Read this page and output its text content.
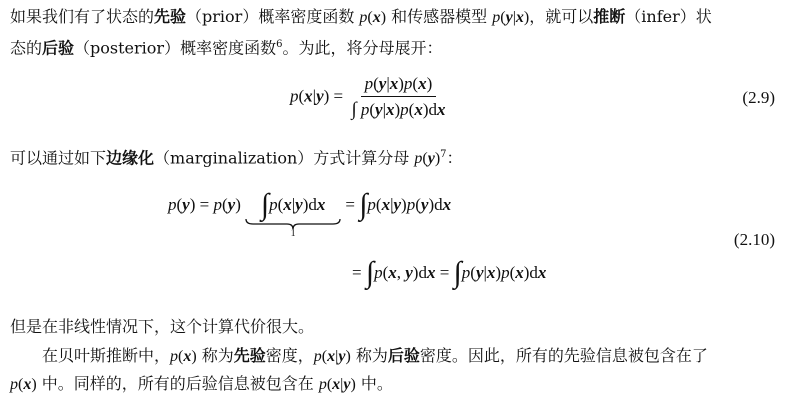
如果我们有了状态的先验（prior）概率密度函数 p(x) 和传感器模型 p(y|x)，就可以推断（infer）状
态的后验（posterior）概率密度函数$^6$。为此，将分母展开：
$p(x|y) = \frac{p(y|x)p(x)}{\int p(y|x)p(x)dx}$	(2.9)
可以通过如下边缘化（marginalization）方式计算分母 $p(y)^7$：
p(y) = p(y) ∫p(x|y)dx
1
= ∫p(x|y)p(y)dx
(2.10)
= ∫p(x, y)dx = ∫p(y|x)p(x)dx
但是在非线性情况下，这个计算代价很大。
在贝叶斯推断中，p(x) 称为先验密度，p(x|y) 称为后验密度。因此，所有的先验信息被包含在了
p(x) 中。同样的，所有的后验信息被包含在 p(x|y) 中。
